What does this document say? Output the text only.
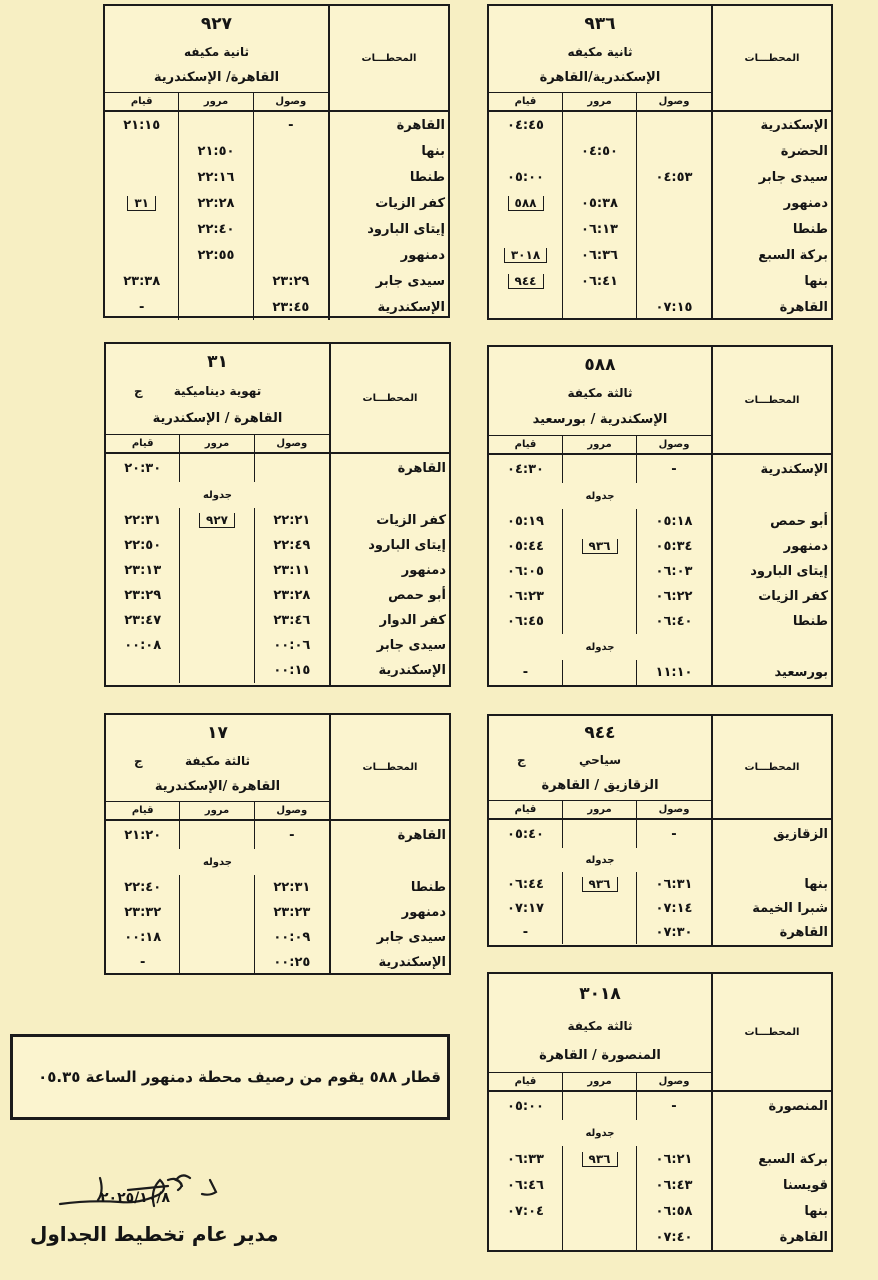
المحطـــات
الإسكندرية
الحضرة
سيدى جابر
دمنهور
طنطا
بركة السبع
بنها
القاهرة
٩٣٦
ثانية مكيفه
الإسكندرية/القاهرة
وصول
مرور
قيام
٠٤:٤٥
٠٤:٥٠
٠٤:٥٣
٠٥:٠٠
٠٥:٣٨
٥٨٨
٠٦:١٣
٠٦:٣٦
٣٠١٨
٠٦:٤١
٩٤٤
٠٧:١٥
المحطـــات
القاهرة
بنها
طنطا
كفر الزيات
إيتاى البارود
دمنهور
سيدى جابر
الإسكندرية
٩٢٧
ثانية مكيفه
القاهرة/ الإسكندرية
وصول
مرور
قيام
-
٢١:١٥
٢١:٥٠
٢٢:١٦
٢٢:٢٨
٣١
٢٢:٤٠
٢٢:٥٥
٢٣:٢٩
٢٣:٣٨
٢٣:٤٥
-
المحطـــات
الإسكندرية
أبو حمص
دمنهور
إيتاى البارود
كفر الزيات
طنطا
بورسعيد
٥٨٨
ثالثة مكيفة
الإسكندرية / بورسعيد
وصول
مرور
قيام
-
٠٤:٣٠
جدوله
٠٥:١٨
٠٥:١٩
٠٥:٣٤
٩٣٦
٠٥:٤٤
٠٦:٠٣
٠٦:٠٥
٠٦:٢٢
٠٦:٢٣
٠٦:٤٠
٠٦:٤٥
جدوله
١١:١٠
-
المحطـــات
القاهرة
كفر الزيات
إيتاى البارود
دمنهور
أبو حمص
كفر الدوار
سيدى جابر
الإسكندرية
٣١
تهوية ديناميكية
ج
القاهرة / الإسكندرية
وصول
مرور
قيام
٢٠:٣٠
جدوله
٢٢:٢١
٩٢٧
٢٢:٣١
٢٢:٤٩
٢٢:٥٠
٢٣:١١
٢٣:١٣
٢٣:٢٨
٢٣:٢٩
٢٣:٤٦
٢٣:٤٧
٠٠:٠٦
٠٠:٠٨
٠٠:١٥
المحطـــات
الزقازيق
بنها
شبرا الخيمة
القاهرة
٩٤٤
سياحي
ج
الزقازيق / القاهرة
وصول
مرور
قيام
-
٠٥:٤٠
جدوله
٠٦:٣١
٩٣٦
٠٦:٤٤
٠٧:١٤
٠٧:١٧
٠٧:٣٠
-
المحطـــات
القاهرة
طنطا
دمنهور
سيدى جابر
الإسكندرية
١٧
ثالثة مكيفة
ج
القاهرة /الإسكندرية
وصول
مرور
قيام
-
٢١:٢٠
جدوله
٢٢:٣١
٢٢:٤٠
٢٣:٢٣
٢٣:٣٢
٠٠:٠٩
٠٠:١٨
٠٠:٢٥
-
المحطـــات
المنصورة
بركة السبع
قويسنا
بنها
القاهرة
٣٠١٨
ثالثة مكيفة
المنصورة / القاهرة
وصول
مرور
قيام
-
٠٥:٠٠
جدوله
٠٦:٢١
٩٣٦
٠٦:٣٣
٠٦:٤٣
٠٦:٤٦
٠٦:٥٨
٠٧:٠٤
٠٧:٤٠
قطار ٥٨٨ يقوم من رصيف محطة دمنهور الساعة ٠٥.٣٥
٢٠٢٥/١٠/٨
مدير عام تخطيط الجداول
